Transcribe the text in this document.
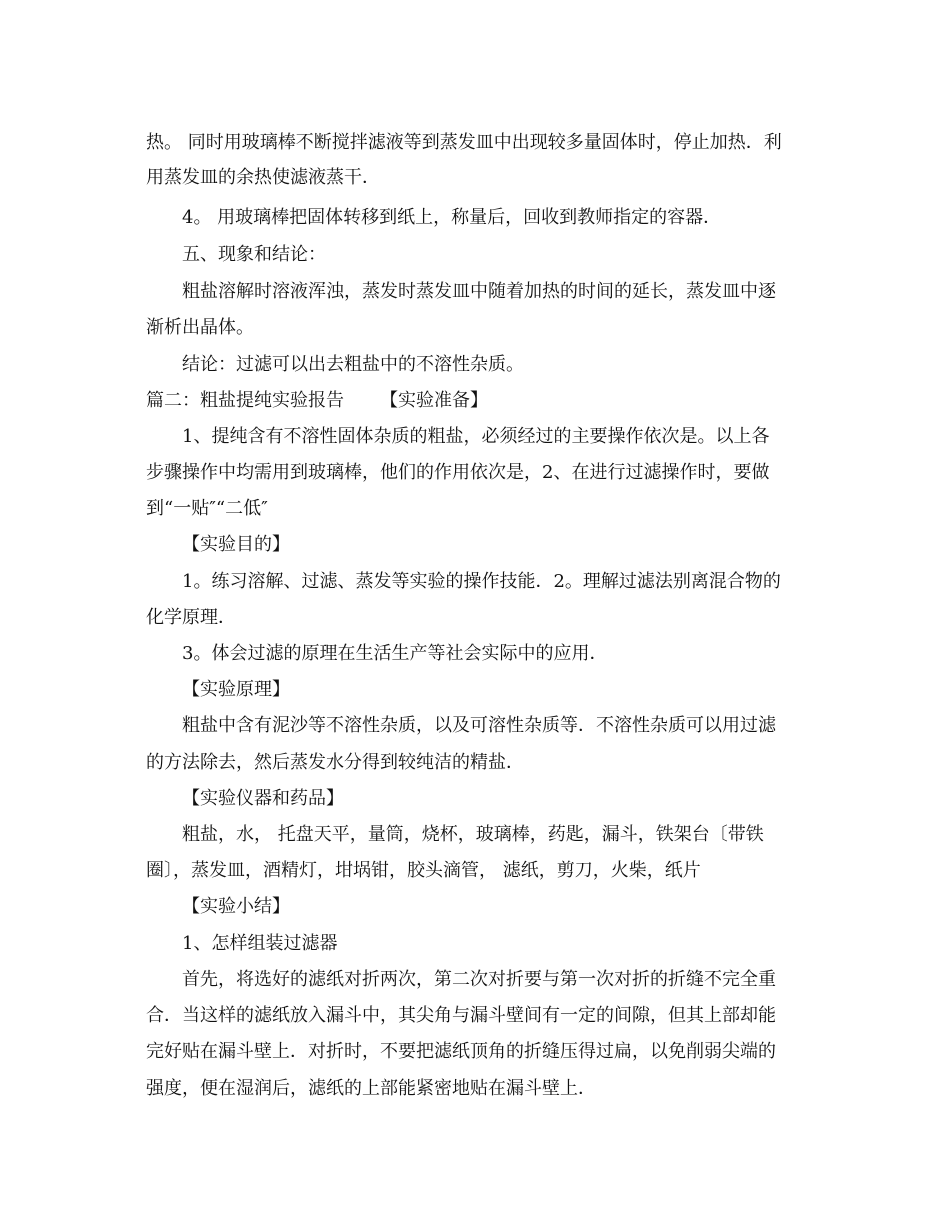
热。 同时用玻璃棒不断搅拌滤液等到蒸发皿中出现较多量固体时，停止加热．利
用蒸发皿的余热使滤液蒸干．
4。 用玻璃棒把固体转移到纸上，称量后，回收到教师指定的容器．
五、现象和结论：
粗盐溶解时溶液浑浊，蒸发时蒸发皿中随着加热的时间的延长，蒸发皿中逐
渐析出晶体。
结论：过滤可以出去粗盐中的不溶性杂质。
篇二：粗盐提纯实验报告 【实验准备】
1、提纯含有不溶性固体杂质的粗盐，必须经过的主要操作依次是。以上各
步骤操作中均需用到玻璃棒，他们的作用依次是，2、在进行过滤操作时，要做
到“一贴″“二低″
【实验目的】
1。练习溶解、过滤、蒸发等实验的操作技能．2。理解过滤法别离混合物的
化学原理．
3。体会过滤的原理在生活生产等社会实际中的应用．
【实验原理】
粗盐中含有泥沙等不溶性杂质，以及可溶性杂质等．不溶性杂质可以用过滤
的方法除去，然后蒸发水分得到较纯洁的精盐．
【实验仪器和药品】
粗盐，水， 托盘天平，量筒，烧杯，玻璃棒，药匙，漏斗，铁架台〔带铁
圈〕，蒸发皿，酒精灯，坩埚钳，胶头滴管， 滤纸，剪刀，火柴，纸片
【实验小结】
1、怎样组装过滤器
首先，将选好的滤纸对折两次，第二次对折要与第一次对折的折缝不完全重
合．当这样的滤纸放入漏斗中，其尖角与漏斗壁间有一定的间隙，但其上部却能
完好贴在漏斗壁上．对折时，不要把滤纸顶角的折缝压得过扁，以免削弱尖端的
强度，便在湿润后，滤纸的上部能紧密地贴在漏斗壁上．
